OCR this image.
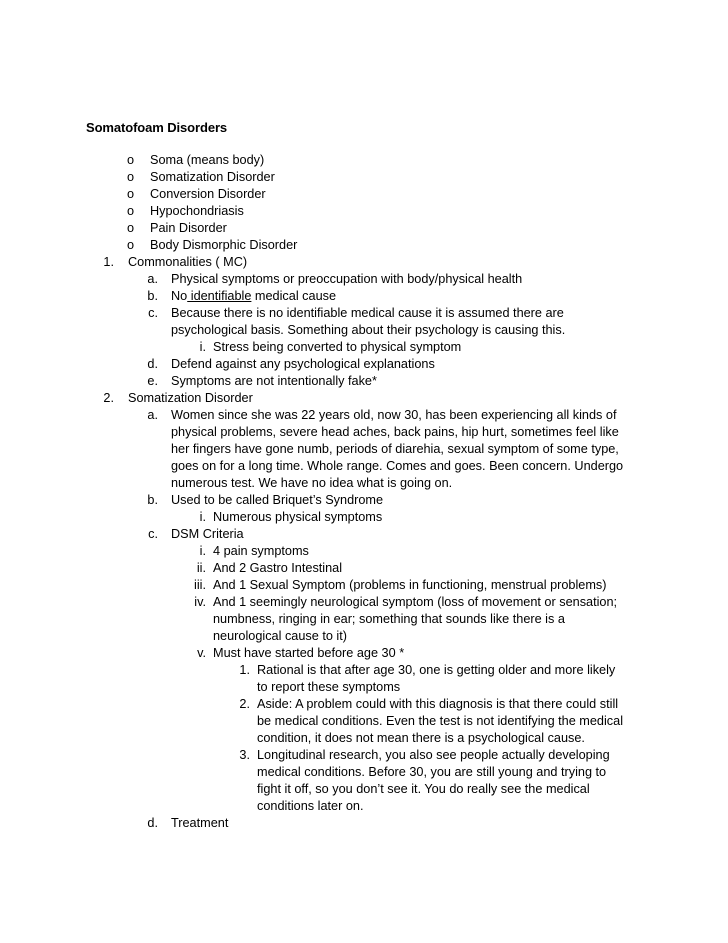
Somatofoam Disorders
o Soma (means body)
o Somatization Disorder
o Conversion Disorder
o Hypochondriasis
o Pain Disorder
o Body Dismorphic Disorder
1. Commonalities ( MC)
a. Physical symptoms or preoccupation with body/physical health
b. No identifiable medical cause
c. Because there is no identifiable medical cause it is assumed there are
psychological basis. Something about their psychology is causing this.
i. Stress being converted to physical symptom
d. Defend against any psychological explanations
e. Symptoms are not intentionally fake*
2. Somatization Disorder
a. Women since she was 22 years old, now 30, has been experiencing all kinds of
physical problems, severe head aches, back pains, hip hurt, sometimes feel like
her fingers have gone numb, periods of diarehia, sexual symptom of some type,
goes on for a long time. Whole range. Comes and goes. Been concern. Undergo
numerous test. We have no idea what is going on.
b. Used to be called Briquet’s Syndrome
i. Numerous physical symptoms
c. DSM Criteria
i. 4 pain symptoms
ii. And 2 Gastro Intestinal
iii. And 1 Sexual Symptom (problems in functioning, menstrual problems)
iv. And 1 seemingly neurological symptom (loss of movement or sensation;
numbness, ringing in ear; something that sounds like there is a
neurological cause to it)
v. Must have started before age 30 *
1. Rational is that after age 30, one is getting older and more likely
to report these symptoms
2. Aside: A problem could with this diagnosis is that there could still
be medical conditions. Even the test is not identifying the medical
condition, it does not mean there is a psychological cause.
3. Longitudinal research, you also see people actually developing
medical conditions. Before 30, you are still young and trying to
fight it off, so you don’t see it. You do really see the medical
conditions later on.
d. Treatment
